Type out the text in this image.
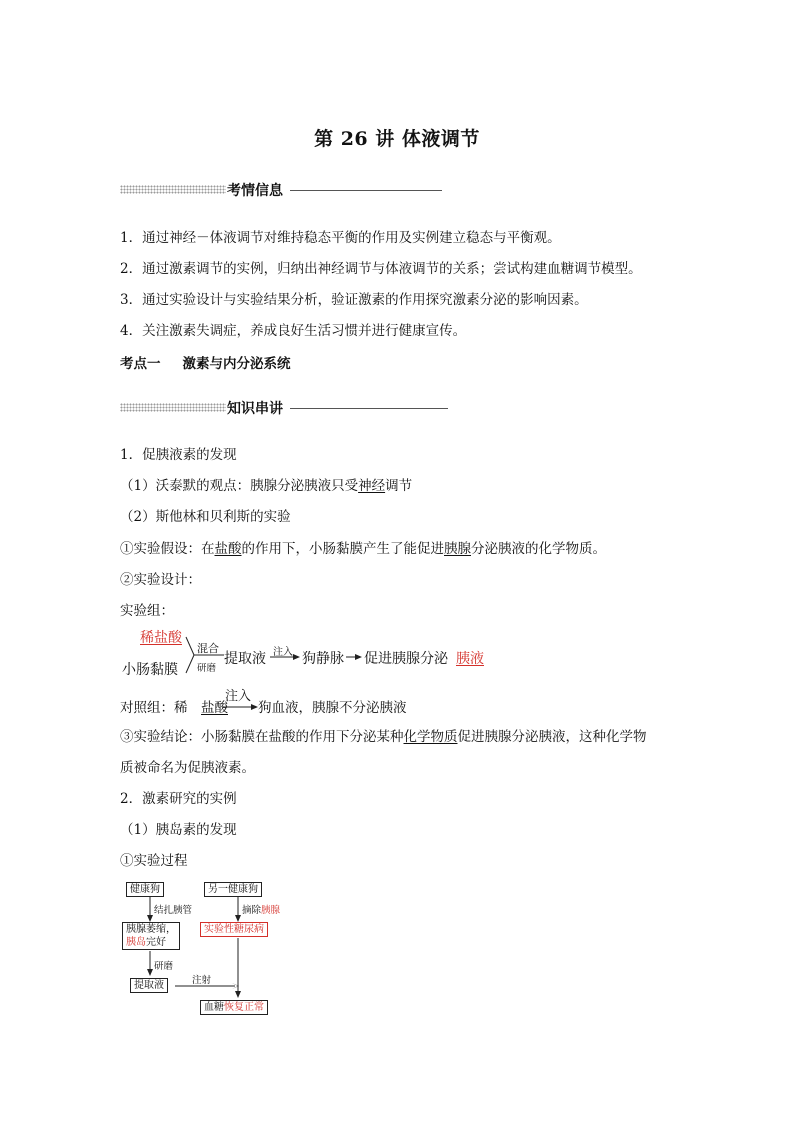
第 26 讲 体液调节
考情信息
1．通过神经－体液调节对维持稳态平衡的作用及实例建立稳态与平衡观。
2．通过激素调节的实例，归纳出神经调节与体液调节的关系；尝试构建血糖调节模型。
3．通过实验设计与实验结果分析，验证激素的作用探究激素分泌的影响因素。
4．关注激素失调症，养成良好生活习惯并进行健康宣传。
考点一 激素与内分泌系统
知识串讲
1．促胰液素的发现
（1）沃泰默的观点：胰腺分泌胰液只受神经调节
（2）斯他林和贝利斯的实验
①实验假设：在盐酸的作用下，小肠黏膜产生了能促进胰腺分泌胰液的化学物质。
②实验设计：
实验组：
稀盐酸
小肠黏膜
混合
研磨
提取液 注入 狗静脉 促进胰腺分泌 胰液
对照组：稀 盐酸
注入
狗血液，胰腺不分泌胰液
③实验结论：小肠黏膜在盐酸的作用下分泌某种化学物质促进胰腺分泌胰液，这种化学物
质被命名为促胰液素。
2．激素研究的实例
（1）胰岛素的发现
①实验过程
健康狗
结扎胰管
胰腺萎缩，
胰岛完好
研磨
提取液	注射
另一健康狗
摘除胰腺
实验性糖尿病
血糖恢复正常
